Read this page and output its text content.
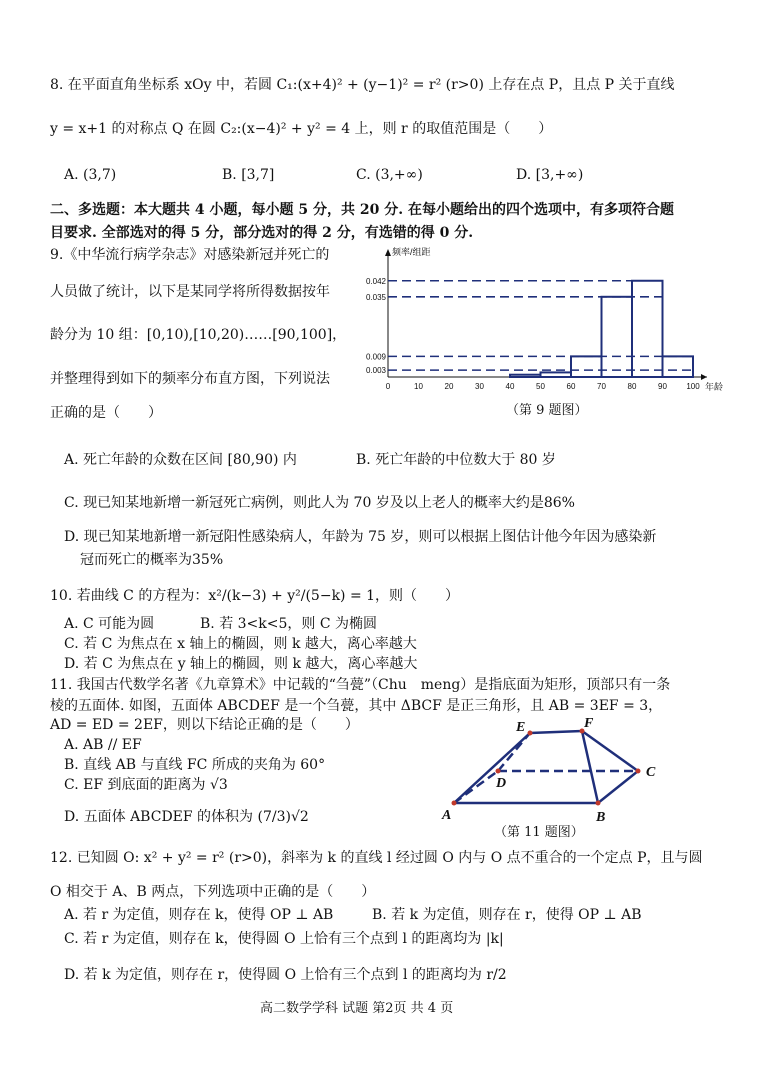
8. 在平面直角坐标系 xOy 中，若圆 C₁:(x+4)² + (y−1)² = r² (r>0) 上存在点 P，且点 P 关于直线
y = x+1 的对称点 Q 在圆 C₂:(x−4)² + y² = 4 上，则 r 的取值范围是（　　）
A. (3,7)	B. [3,7]	C. (3,+∞)	D. [3,+∞)
二、多选题：本大题共 4 小题，每小题 5 分，共 20 分. 在每小题给出的四个选项中，有多项符合题
目要求. 全部选对的得 5 分，部分选对的得 2 分，有选错的得 0 分.
9.《中华流行病学杂志》对感染新冠并死亡的
人员做了统计，以下是某同学将所得数据按年
龄分为 10 组：[0,10),[10,20)……[90,100]，
并整理得到如下的频率分布直方图，下列说法
正确的是（　　）
频率/组距
年龄
0.042
0.035
0.009
0.003
0	10	20	30	40	50	60	70	80	90 100
（第 9 题图）
A. 死亡年龄的众数在区间 [80,90) 内	B. 死亡年龄的中位数大于 80 岁
C. 现已知某地新增一新冠死亡病例，则此人为 70 岁及以上老人的概率大约是86%
D. 现已知某地新增一新冠阳性感染病人，年龄为 75 岁，则可以根据上图估计他今年因为感染新
冠而死亡的概率为35%
10. 若曲线 C 的方程为：x²/(k−3) + y²/(5−k) = 1，则（　　）
A. C 可能为圆	B. 若 3<k<5，则 C 为椭圆
C. 若 C 为焦点在 x 轴上的椭圆，则 k 越大，离心率越大
D. 若 C 为焦点在 y 轴上的椭圆，则 k 越大，离心率越大
11. 我国古代数学名著《九章算术》中记载的“刍甍”（Chu　meng）是指底面为矩形，顶部只有一条
棱的五面体. 如图，五面体 ABCDEF 是一个刍甍，其中 ΔBCF 是正三角形，且 AB = 3EF = 3，
AD = ED = 2EF，则以下结论正确的是（　　）
A. AB // EF
B. 直线 AB 与直线 FC 所成的夹角为 60°
C. EF 到底面的距离为 √3
D. 五面体 ABCDEF 的体积为 (7/3)√2	A	B
C
D
E	F
（第 11 题图）
12. 已知圆 O: x² + y² = r² (r>0)，斜率为 k 的直线 l 经过圆 O 内与 O 点不重合的一个定点 P，且与圆
O 相交于 A、B 两点，下列选项中正确的是（　　）
A. 若 r 为定值，则存在 k，使得 OP ⊥ AB	B. 若 k 为定值，则存在 r，使得 OP ⊥ AB
C. 若 r 为定值，则存在 k，使得圆 O 上恰有三个点到 l 的距离均为 |k|
D. 若 k 为定值，则存在 r，使得圆 O 上恰有三个点到 l 的距离均为 r/2
高二数学学科 试题 第2页 共 4 页
